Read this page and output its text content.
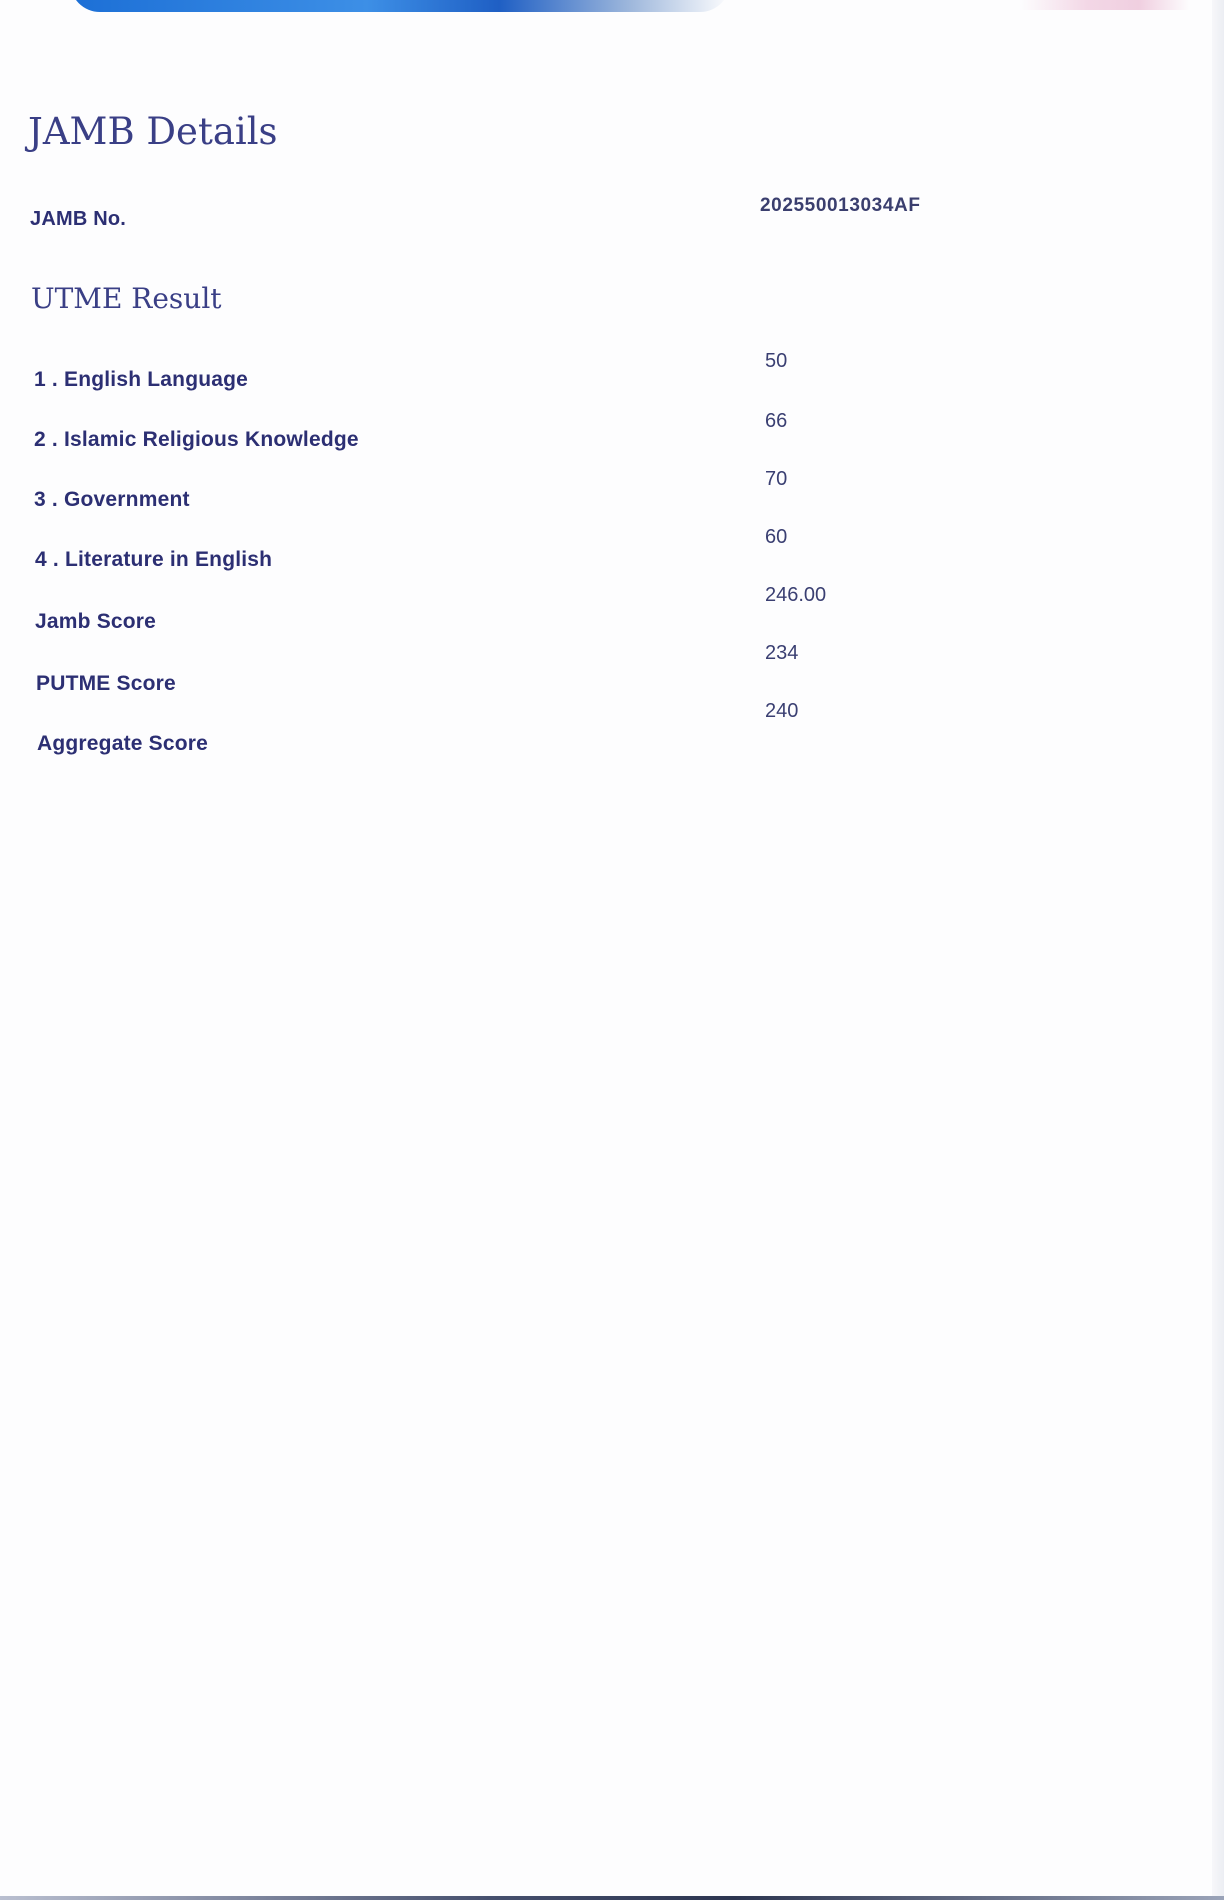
JAMB Details
JAMB No.
202550013034AF
UTME Result
1 . English Language
50
2 . Islamic Religious Knowledge
66
3 . Government
70
4 . Literature in English
60
Jamb Score
246.00
PUTME Score
234
Aggregate Score
240
